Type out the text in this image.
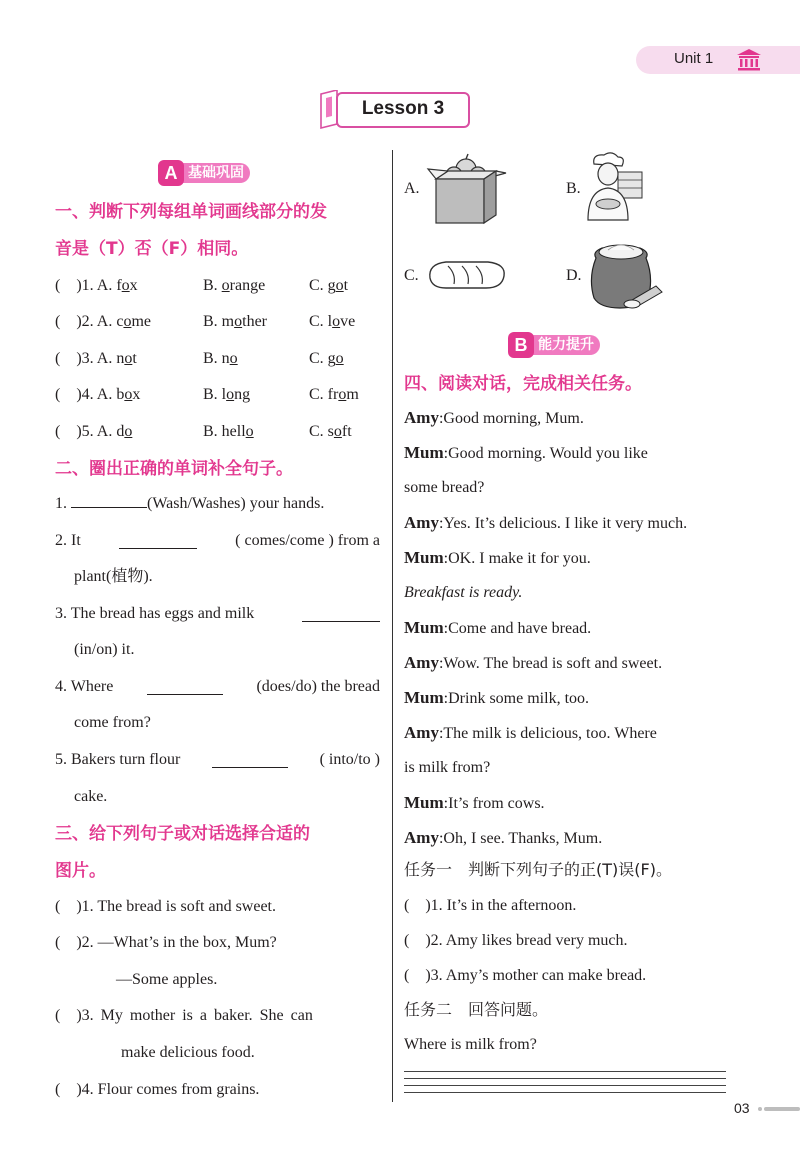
Unit 1
Lesson 3
基础巩固
A
一、判断下列每组单词画线部分的发
音是（T）否（F）相同。
(　)1. A. fox	B. orange	C. got
(　)2. A. come	B. mother	C. love
(　)3. A. not	B. no	C. go
(　)4. A. box	B. long	C. from
(　)5. A. do	B. hello	C. soft
二、圈出正确的单词补全句子。
1.	(Wash/Washes) your hands.
2. It	( comes/come ) from a
plant(植物).
3. The bread has eggs and milk
(in/on) it.
4. Where	(does/do) the bread
come from?
5. Bakers turn flour	( into/to )
cake.
三、给下列句子或对话选择合适的
图片。
(　)1. The bread is soft and sweet.
(　)2. —What’s in the box, Mum?
—Some apples.
(　)3. My mother is a baker. She can
make delicious food.
(　)4. Flour comes from grains.
A.	B.
C.	D.
能力提升
B
四、阅读对话，完成相关任务。
Amy:Good morning, Mum.
Mum:Good morning. Would you like
some bread?
Amy:Yes. It’s delicious. I like it very much.
Mum:OK. I make it for you.
Breakfast is ready.
Mum:Come and have bread.
Amy:Wow. The bread is soft and sweet.
Mum:Drink some milk, too.
Amy:The milk is delicious, too. Where
is milk from?
Mum:It’s from cows.
Amy:Oh, I see. Thanks, Mum.
任务一　判断下列句子的正(T)误(F)。
(　)1. It’s in the afternoon.
(　)2. Amy likes bread very much.
(　)3. Amy’s mother can make bread.
任务二　回答问题。
Where is milk from?
03
